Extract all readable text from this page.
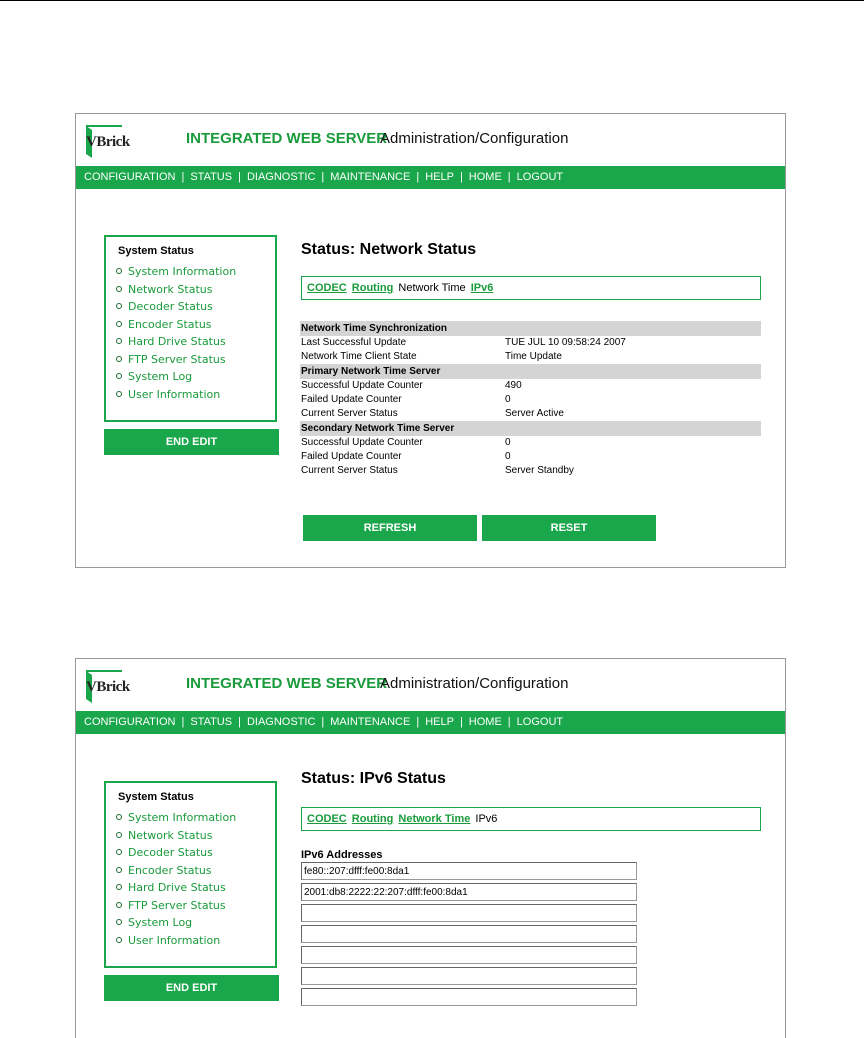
VBrick	INTEGRATED WEB SERVER
Administration/Configuration
CONFIGURATION | STATUS | DIAGNOSTIC | MAINTENANCE | HELP | HOME | LOGOUT
System Status
System Information
Network Status
Decoder Status
Encoder Status
Hard Drive Status
FTP Server Status
System Log
User Information
END EDIT
Status: Network Status
CODEC Routing Network Time IPv6
Network Time Synchronization	
Last Successful Update	TUE JUL 10 09:58:24 2007
Network Time Client State	Time Update
Primary Network Time Server	
Successful Update Counter	490
Failed Update Counter	0
Current Server Status	Server Active
Secondary Network Time Server	
Successful Update Counter	0
Failed Update Counter	0
Current Server Status	Server Standby
REFRESH	RESET
VBrick	INTEGRATED WEB SERVER
Administration/Configuration
CONFIGURATION | STATUS | DIAGNOSTIC | MAINTENANCE | HELP | HOME | LOGOUT
System Status
System Information
Network Status
Decoder Status
Encoder Status
Hard Drive Status
FTP Server Status
System Log
User Information
END EDIT
Status: IPv6 Status
CODEC Routing Network Time IPv6
IPv6 Addresses
fe80::207:dfff:fe00:8da1
2001:db8:2222:22:207:dfff:fe00:8da1
